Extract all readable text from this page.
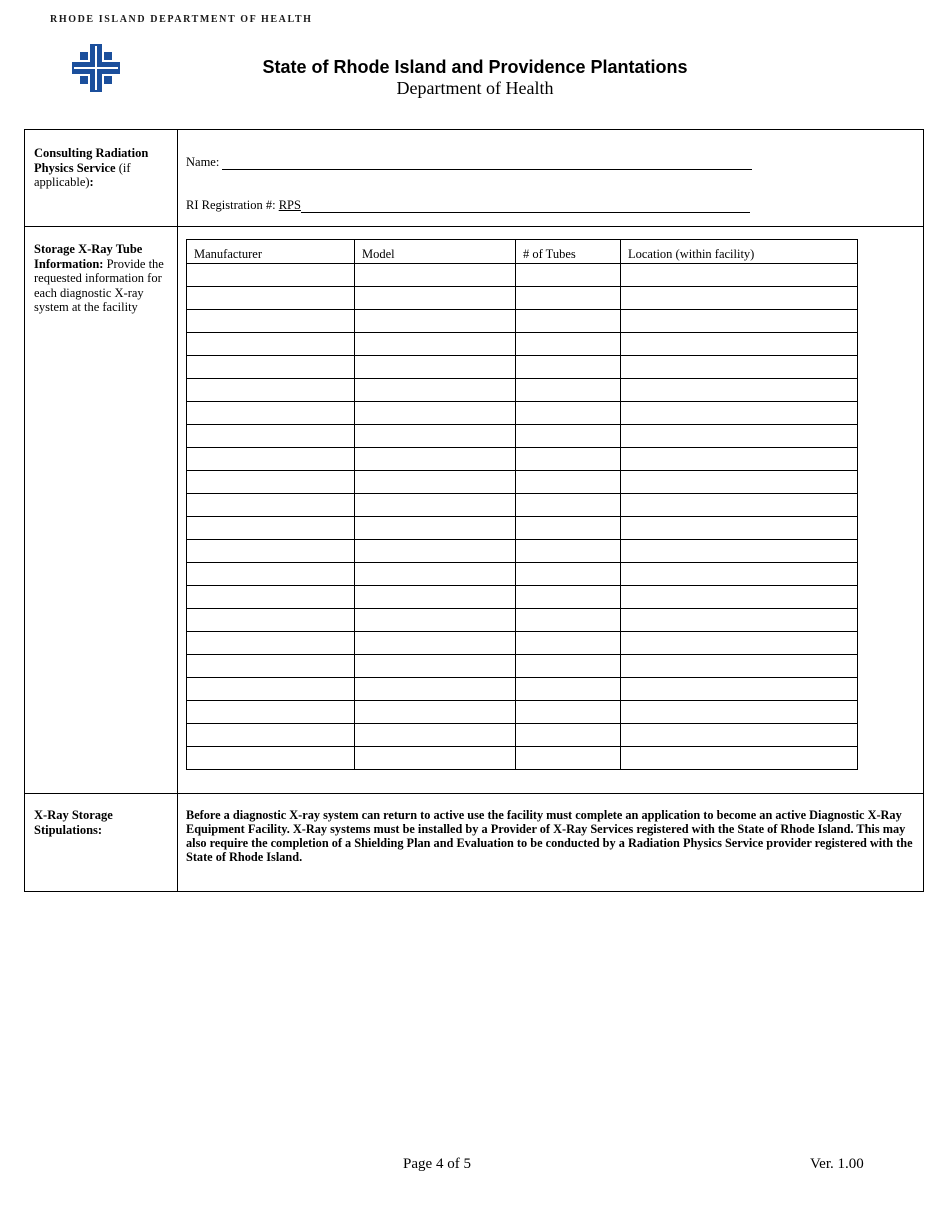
RHODE ISLAND DEPARTMENT OF HEALTH
State of Rhode Island and Providence Plantations
Department of Health
Consulting Radiation Physics Service (if applicable):
Name:
RI Registration #: RPS
Storage X-Ray Tube Information: Provide the requested information for each diagnostic X-ray system at the facility
Manufacturer	Model	# of Tubes	Location (within facility)

X-Ray Storage Stipulations:
Before a diagnostic X-ray system can return to active use the facility must complete an application to become an active Diagnostic X-Ray Equipment Facility. X-Ray systems must be installed by a Provider of X-Ray Services registered with the State of Rhode Island. This may also require the completion of a Shielding Plan and Evaluation to be conducted by a Radiation Physics Service provider registered with the State of Rhode Island.
Page 4 of 5	Ver. 1.00
